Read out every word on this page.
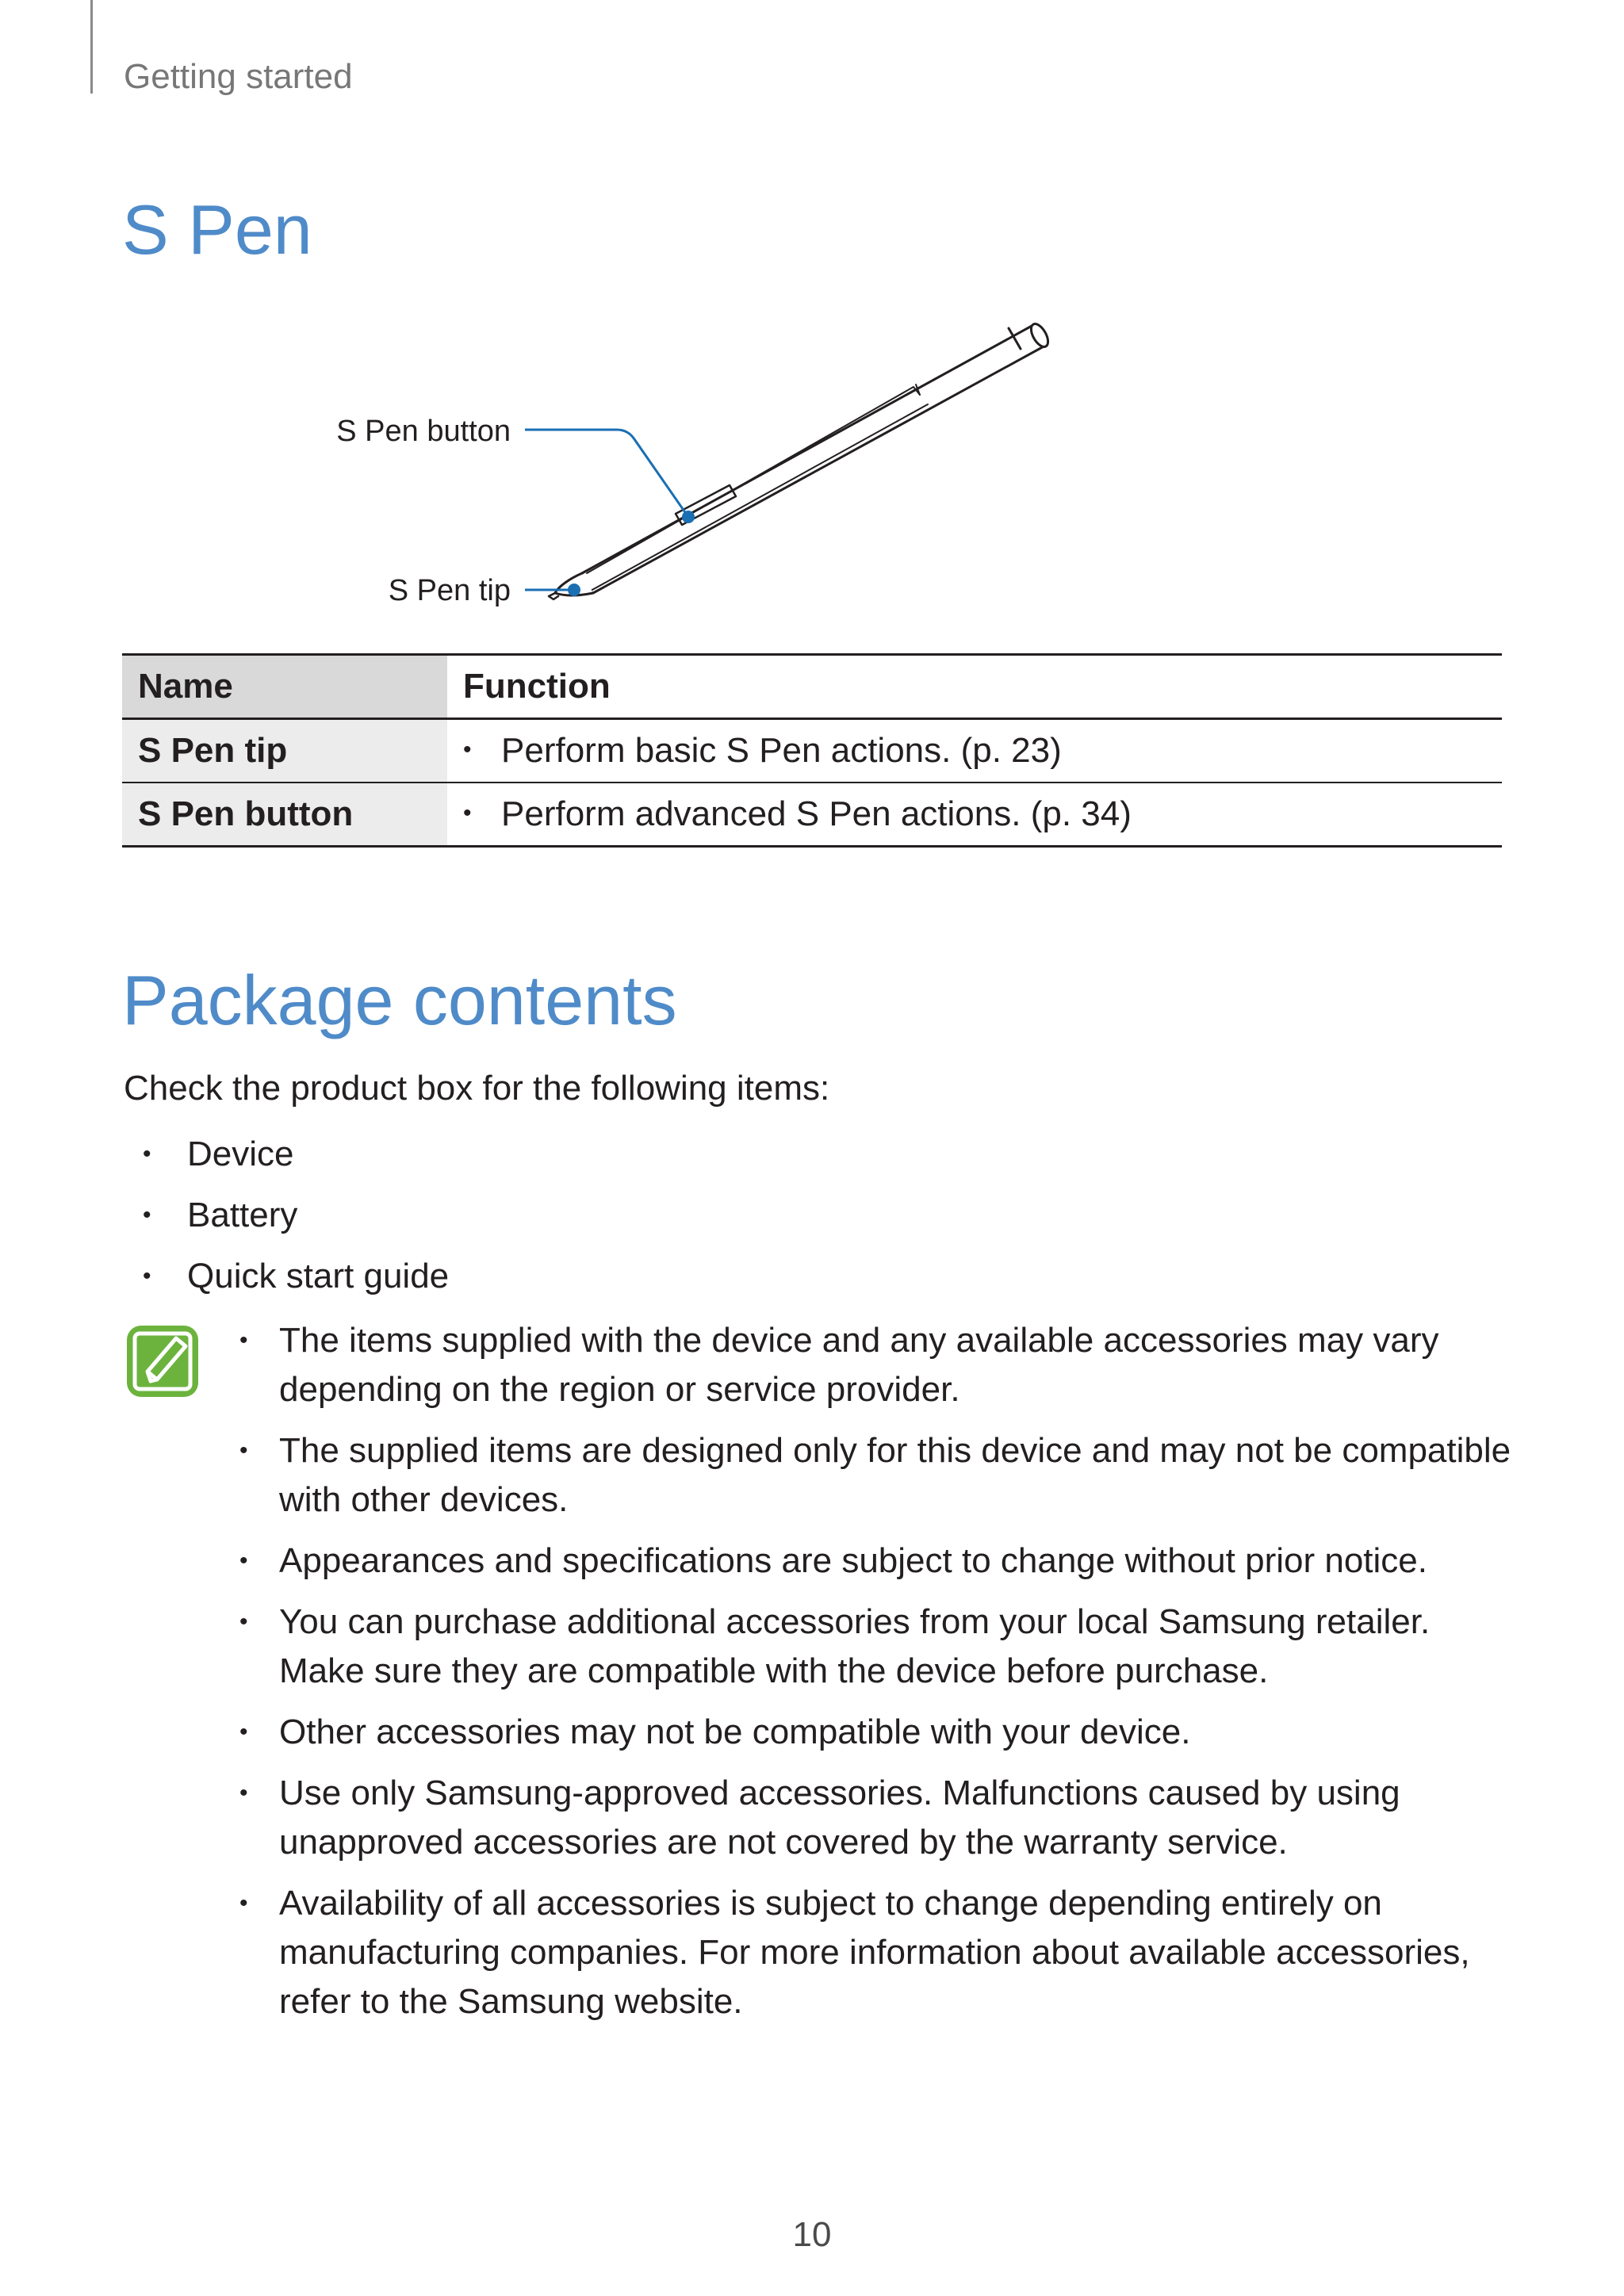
Getting started
S Pen
S Pen button
S Pen tip
Name	Function
S Pen tip	• Perform basic S Pen actions. (p. 23)
S Pen button	• Perform advanced S Pen actions. (p. 34)
Package contents

Check the product box for the following items:

•	Device
•	Battery
•	Quick start guide
• The items supplied with the device and any available accessories may vary depending on the region or service provider.
• The supplied items are designed only for this device and may not be compatible with other devices.
• Appearances and specifications are subject to change without prior notice.
• You can purchase additional accessories from your local Samsung retailer. Make sure they are compatible with the device before purchase.
• Other accessories may not be compatible with your device.
• Use only Samsung-approved accessories. Malfunctions caused by using unapproved accessories are not covered by the warranty service.
• Availability of all accessories is subject to change depending entirely on manufacturing companies. For more information about available accessories, refer to the Samsung website.
10
